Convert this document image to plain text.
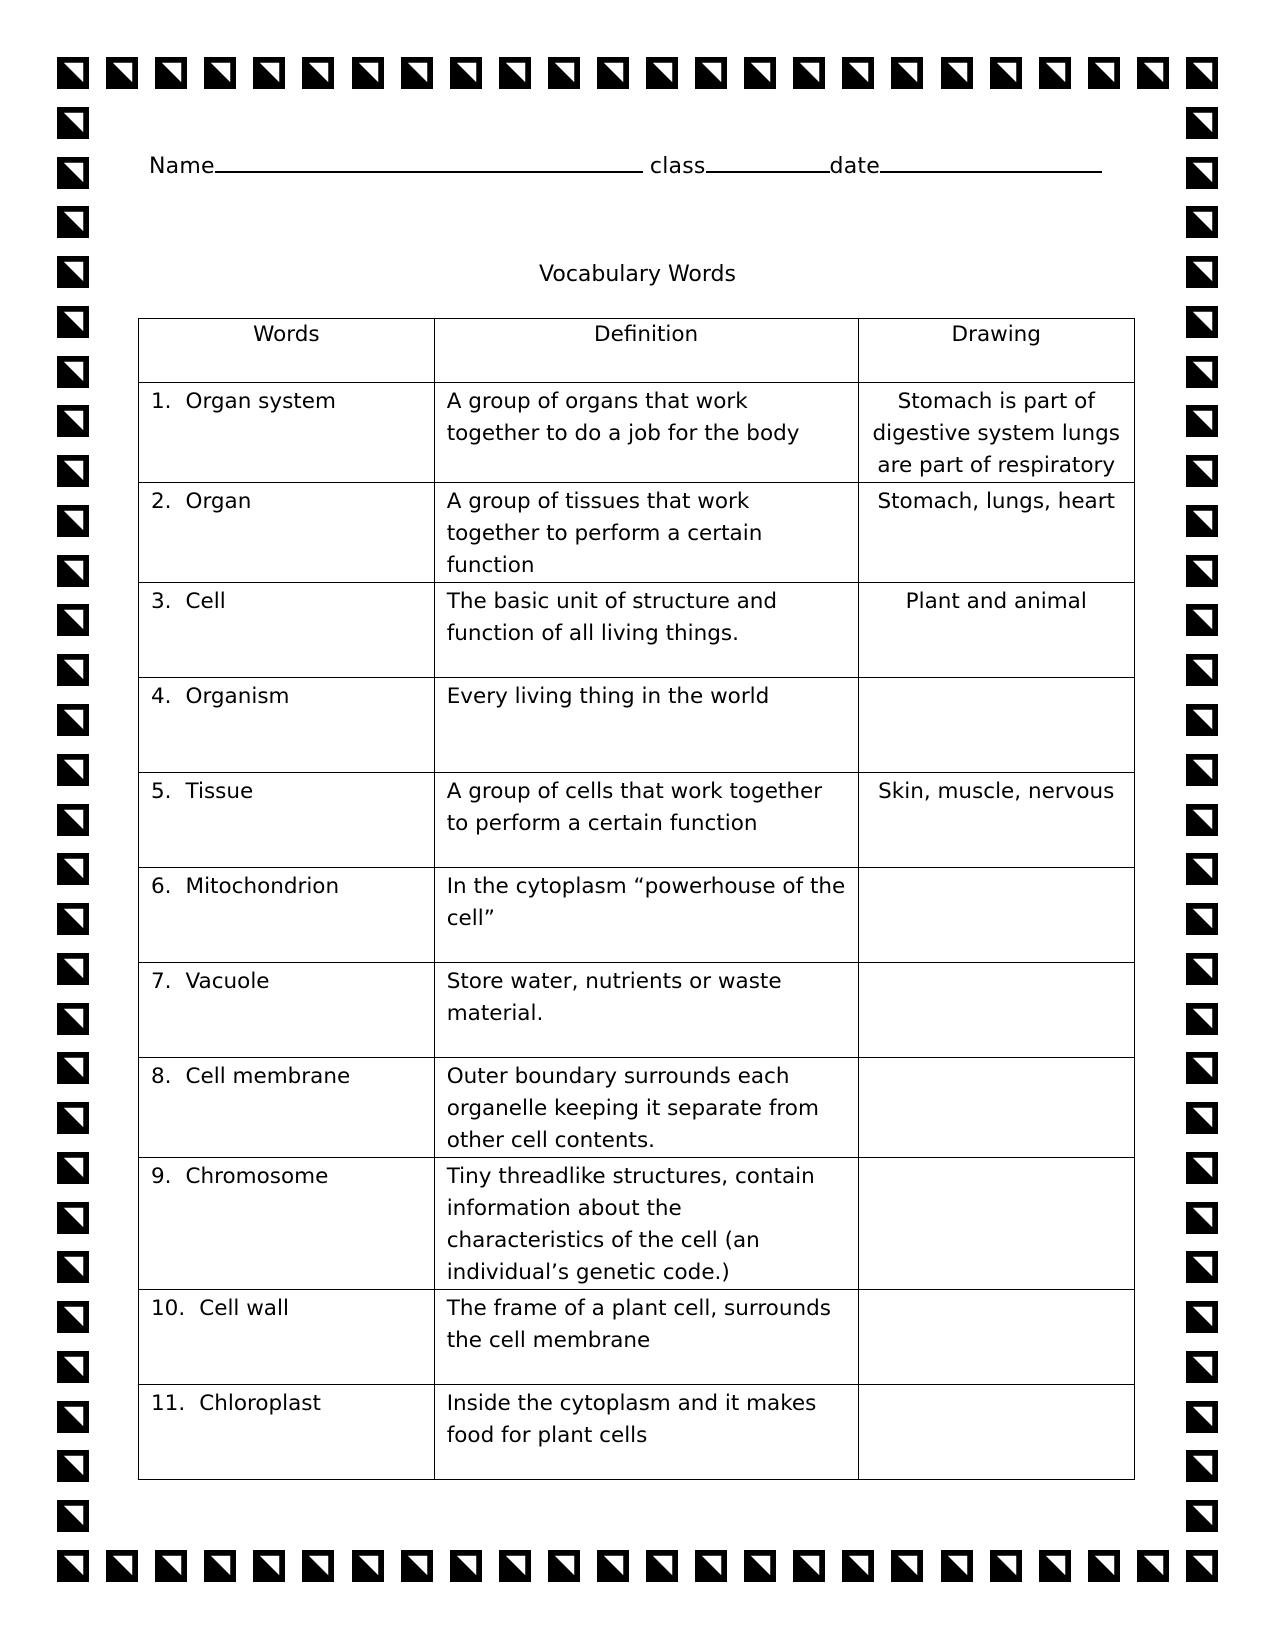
Name	class	date
Vocabulary Words
Words	Definition	Drawing
1. Organ system	A group of organs that work together to do a job for the body	Stomach is part of digestive system lungs are part of respiratory
2. Organ	A group of tissues that work together to perform a certain function	Stomach, lungs, heart
3. Cell	The basic unit of structure and function of all living things.	Plant and animal
4. Organism	Every living thing in the world	
5. Tissue	A group of cells that work together to perform a certain function	Skin, muscle, nervous
6. Mitochondrion	In the cytoplasm “powerhouse of the cell”	
7. Vacuole	Store water, nutrients or waste material.	
8. Cell membrane	Outer boundary surrounds each organelle keeping it separate from other cell contents.	
9. Chromosome	Tiny threadlike structures, contain information about the characteristics of the cell (an individual’s genetic code.)	
10. Cell wall	The frame of a plant cell, surrounds the cell membrane	
11. Chloroplast	Inside the cytoplasm and it makes food for plant cells	
